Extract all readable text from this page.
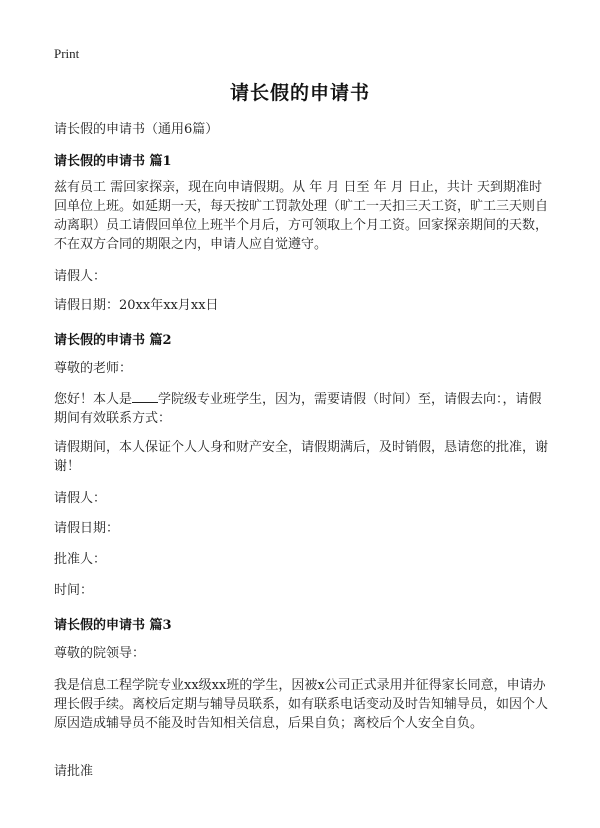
Print
请长假的申请书
请长假的申请书（通用6篇）
请长假的申请书 篇1
兹有员工 需回家探亲，现在向申请假期。从 年 月 日至 年 月 日止，共计 天到期准时回单位上班。如延期一天，每天按旷工罚款处理（旷工一天扣三天工资，旷工三天则自动离职）员工请假回单位上班半个月后，方可领取上个月工资。回家探亲期间的天数，不在双方合同的期限之内，申请人应自觉遵守。
请假人：
请假日期：20xx年xx月xx日
请长假的申请书 篇2
尊敬的老师：
您好！本人是 学院级专业班学生，因为，需要请假（时间）至，请假去向：，请假期间有效联系方式：
请假期间，本人保证个人人身和财产安全，请假期满后，及时销假，恳请您的批准，谢谢！
请假人：
请假日期：
批准人：
时间：
请长假的申请书 篇3
尊敬的院领导：
我是信息工程学院专业xx级xx班的学生，因被x公司正式录用并征得家长同意，申请办理长假手续。离校后定期与辅导员联系，如有联系电话变动及时告知辅导员，如因个人原因造成辅导员不能及时告知相关信息，后果自负；离校后个人安全自负。
请批准
